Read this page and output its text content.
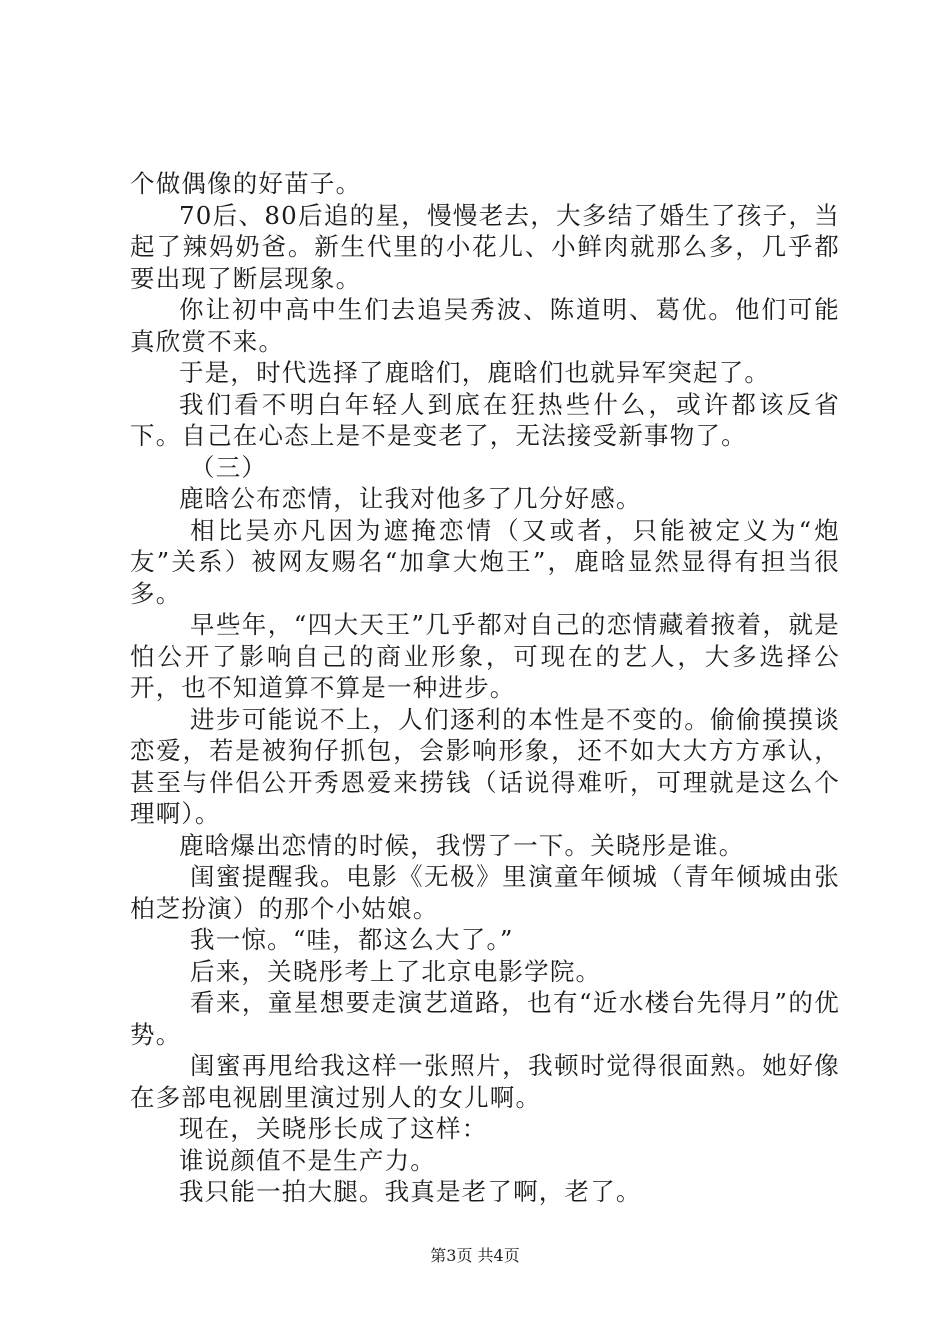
个做偶像的好苗子。

70后、80后追的星，慢慢老去，大多结了婚生了孩子，当起了辣妈奶爸。新生代里的小花儿、小鲜肉就那么多，几乎都要出现了断层现象。

你让初中高中生们去追吴秀波、陈道明、葛优。他们可能真欣赏不来。

于是，时代选择了鹿晗们，鹿晗们也就异军突起了。

我们看不明白年轻人到底在狂热些什么，或许都该反省下。自己在心态上是不是变老了，无法接受新事物了。

（三）

鹿晗公布恋情，让我对他多了几分好感。

相比吴亦凡因为遮掩恋情（又或者，只能被定义为“炮友”关系）被网友赐名“加拿大炮王”，鹿晗显然显得有担当很多。

早些年，“四大天王”几乎都对自己的恋情藏着掖着，就是怕公开了影响自己的商业形象，可现在的艺人，大多选择公开，也不知道算不算是一种进步。

进步可能说不上，人们逐利的本性是不变的。偷偷摸摸谈恋爱，若是被狗仔抓包，会影响形象，还不如大大方方承认，甚至与伴侣公开秀恩爱来捞钱（话说得难听，可理就是这么个理啊）。

鹿晗爆出恋情的时候，我愣了一下。关晓彤是谁。

闺蜜提醒我。电影《无极》里演童年倾城（青年倾城由张柏芝扮演）的那个小姑娘。

我一惊。“哇，都这么大了。”

后来，关晓彤考上了北京电影学院。

看来，童星想要走演艺道路，也有“近水楼台先得月”的优势。

闺蜜再甩给我这样一张照片，我顿时觉得很面熟。她好像在多部电视剧里演过别人的女儿啊。

现在，关晓彤长成了这样：

谁说颜值不是生产力。

我只能一拍大腿。我真是老了啊，老了。

第3页 共4页
